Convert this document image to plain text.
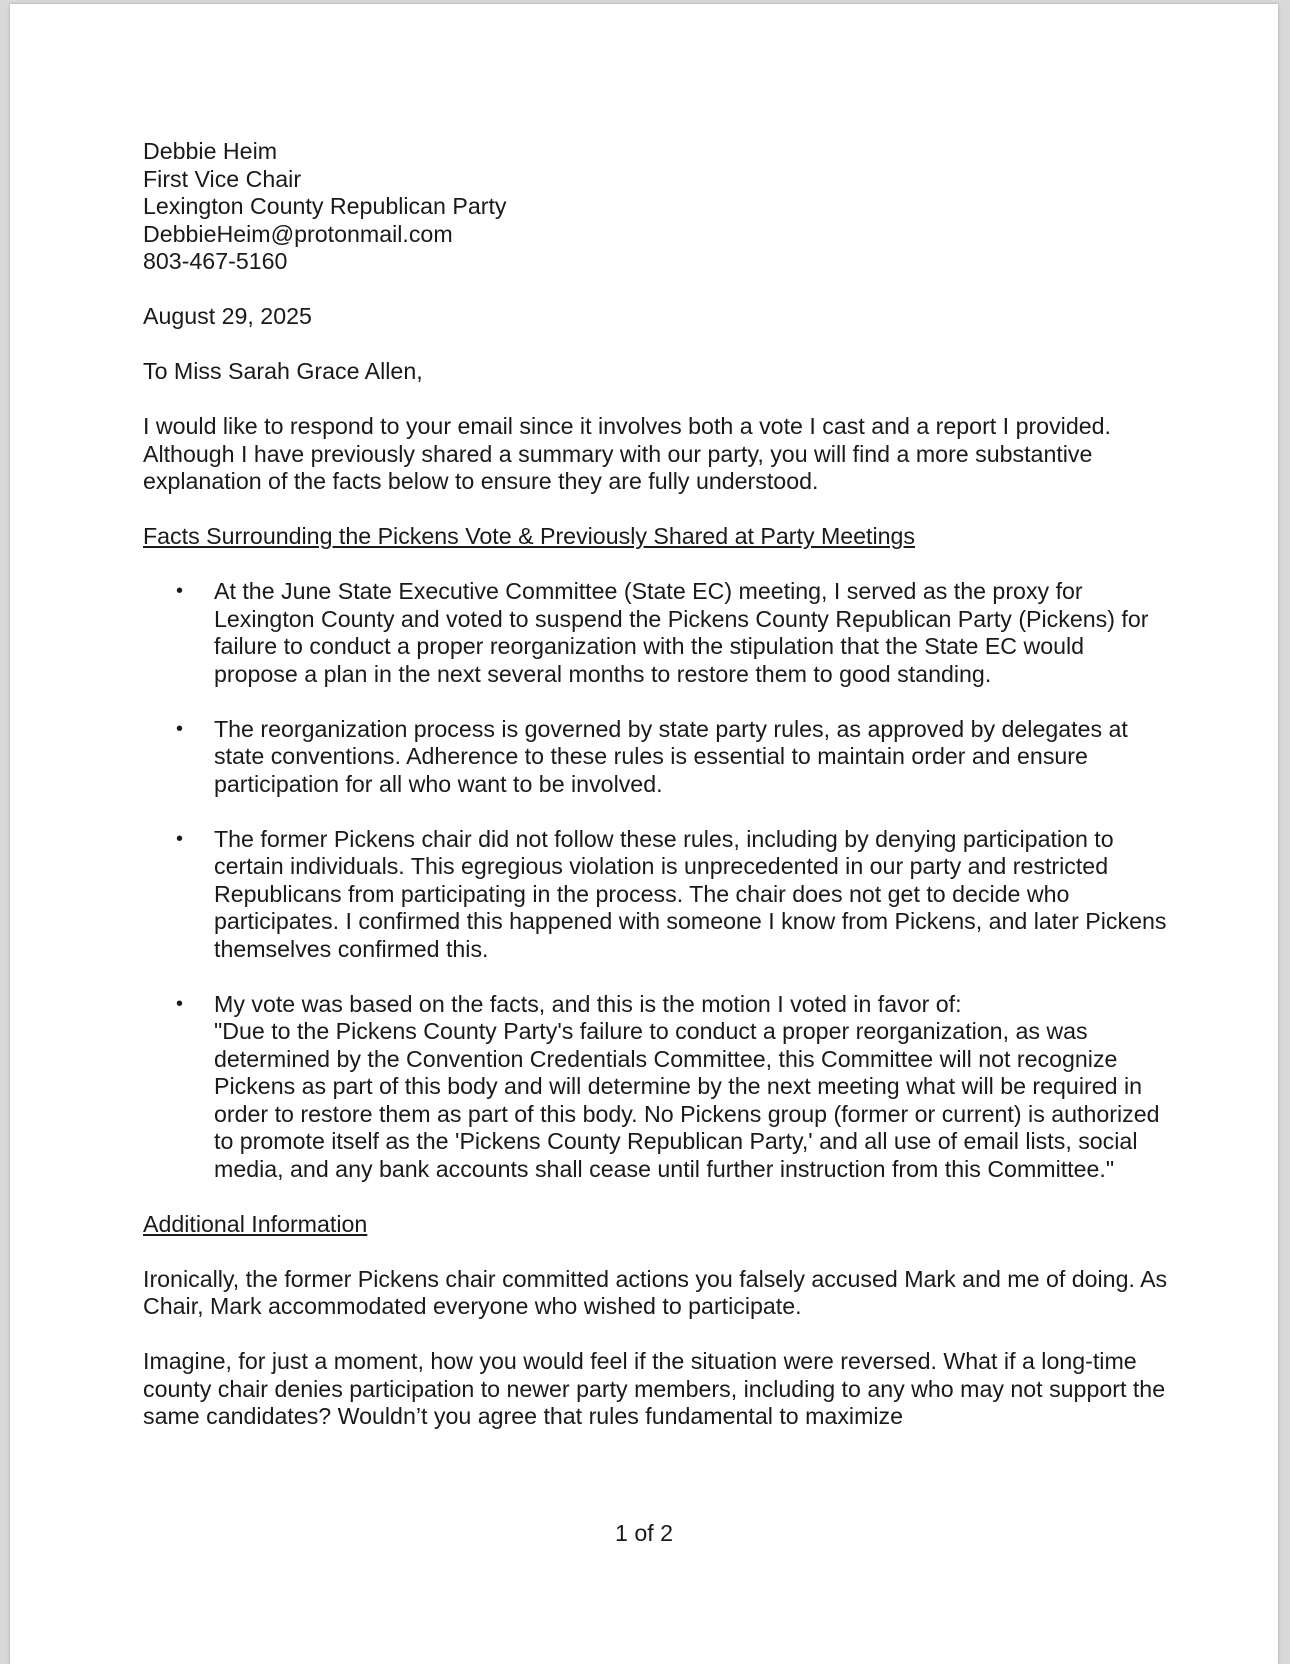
Debbie Heim
First Vice Chair
Lexington County Republican Party
DebbieHeim@protonmail.com
803-467-5160

August 29, 2025

To Miss Sarah Grace Allen,

I would like to respond to your email since it involves both a vote I cast and a report I provided. Although I have previously shared a summary with our party, you will find a more substantive explanation of the facts below to ensure they are fully understood.

Facts Surrounding the Pickens Vote & Previously Shared at Party Meetings

• At the June State Executive Committee (State EC) meeting, I served as the proxy for Lexington County and voted to suspend the Pickens County Republican Party (Pickens) for failure to conduct a proper reorganization with the stipulation that the State EC would propose a plan in the next several months to restore them to good standing.
• The reorganization process is governed by state party rules, as approved by delegates at state conventions. Adherence to these rules is essential to maintain order and ensure participation for all who want to be involved.
• The former Pickens chair did not follow these rules, including by denying participation to certain individuals. This egregious violation is unprecedented in our party and restricted Republicans from participating in the process. The chair does not get to decide who participates. I confirmed this happened with someone I know from Pickens, and later Pickens themselves confirmed this.
• My vote was based on the facts, and this is the motion I voted in favor of:
"Due to the Pickens County Party's failure to conduct a proper reorganization, as was determined by the Convention Credentials Committee, this Committee will not recognize Pickens as part of this body and will determine by the next meeting what will be required in order to restore them as part of this body. No Pickens group (former or current) is authorized to promote itself as the 'Pickens County Republican Party,' and all use of email lists, social media, and any bank accounts shall cease until further instruction from this Committee."

Additional Information

Ironically, the former Pickens chair committed actions you falsely accused Mark and me of doing. As Chair, Mark accommodated everyone who wished to participate.

Imagine, for just a moment, how you would feel if the situation were reversed. What if a long-time county chair denies participation to newer party members, including to any who may not support the same candidates? Wouldn’t you agree that rules fundamental to maximize

1 of 2
